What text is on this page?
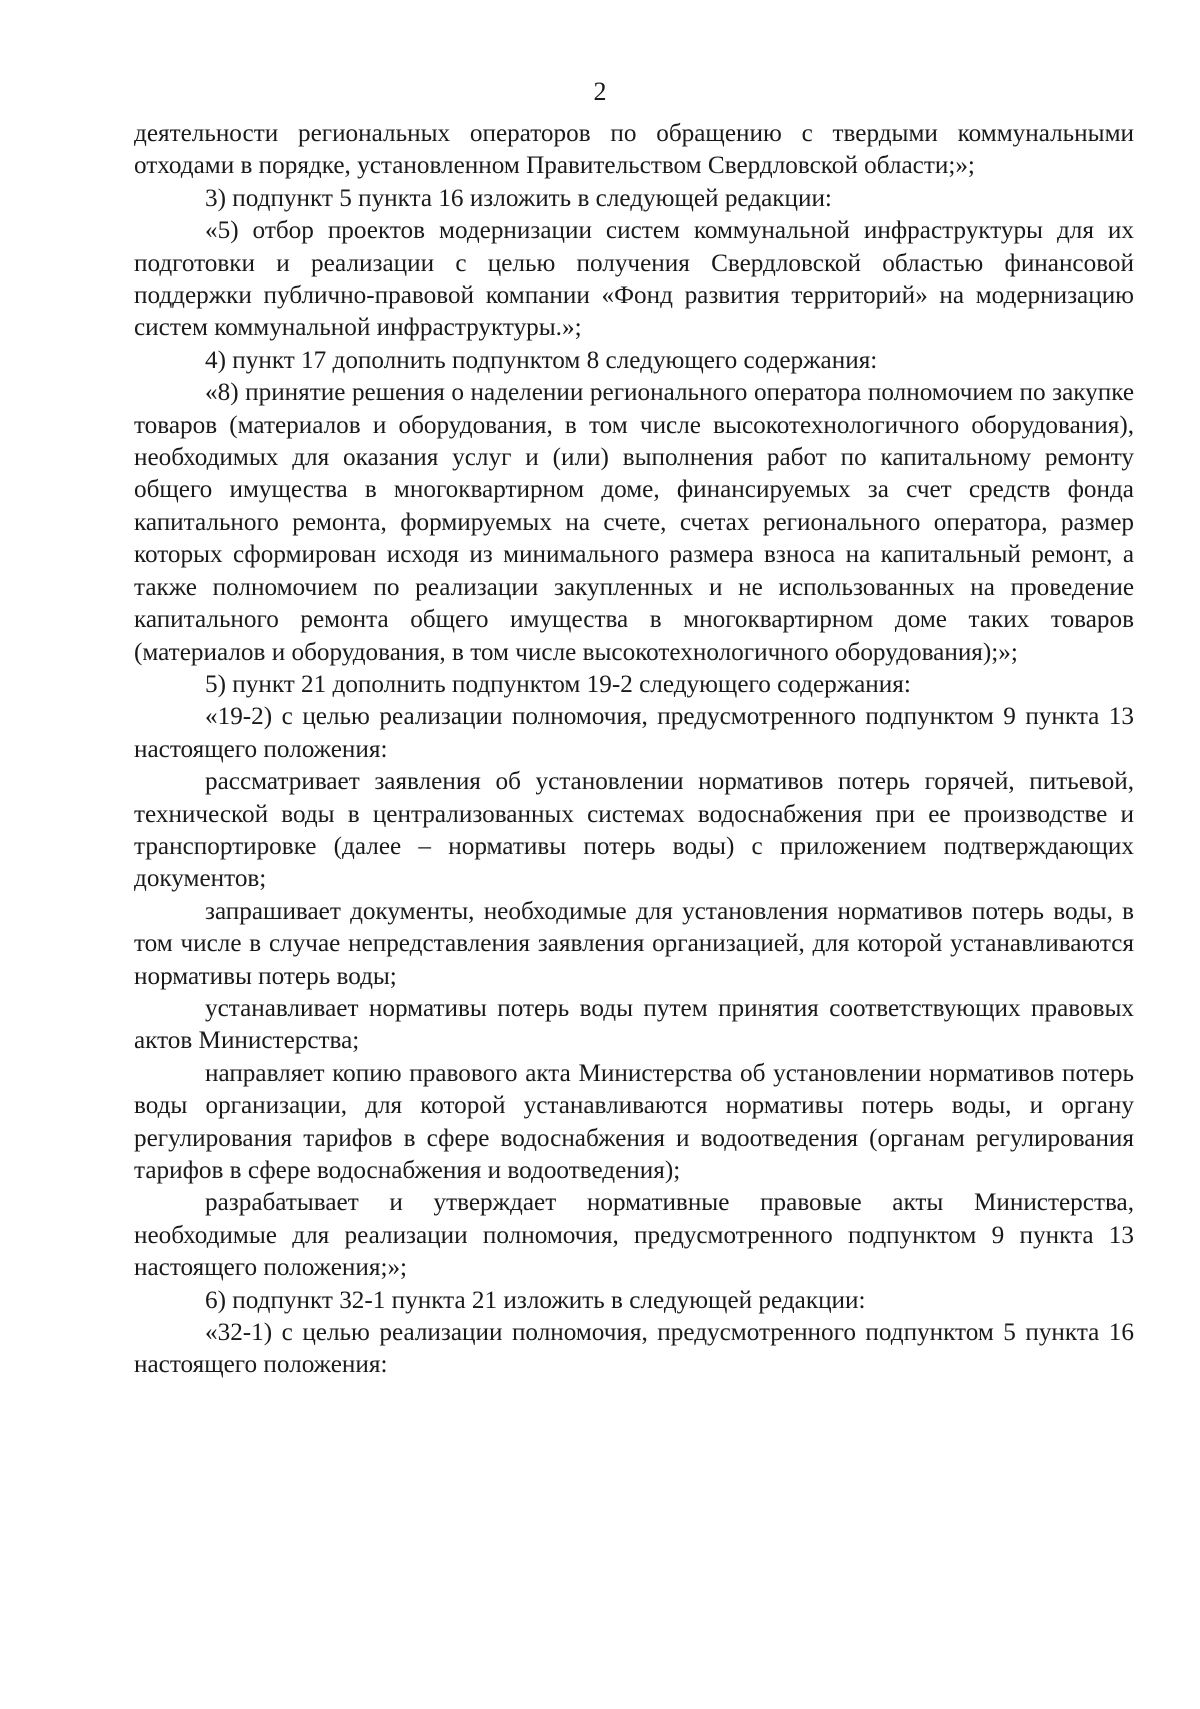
2

деятельности региональных операторов по обращению с твердыми коммунальными отходами в порядке, установленном Правительством Свердловской области;»;

3) подпункт 5 пункта 16 изложить в следующей редакции:

«5) отбор проектов модернизации систем коммунальной инфраструктуры для их подготовки и реализации с целью получения Свердловской областью финансовой поддержки публично-правовой компании «Фонд развития территорий» на модернизацию систем коммунальной инфраструктуры.»;

4) пункт 17 дополнить подпунктом 8 следующего содержания:

«8) принятие решения о наделении регионального оператора полномочием по закупке товаров (материалов и оборудования, в том числе высокотехнологичного оборудования), необходимых для оказания услуг и (или) выполнения работ по капитальному ремонту общего имущества в многоквартирном доме, финансируемых за счет средств фонда капитального ремонта, формируемых на счете, счетах регионального оператора, размер которых сформирован исходя из минимального размера взноса на капитальный ремонт, а также полномочием по реализации закупленных и не использованных на проведение капитального ремонта общего имущества в многоквартирном доме таких товаров (материалов и оборудования, в том числе высокотехнологичного оборудования);»;

5) пункт 21 дополнить подпунктом 19-2 следующего содержания:

«19-2) с целью реализации полномочия, предусмотренного подпунктом 9 пункта 13 настоящего положения:

рассматривает заявления об установлении нормативов потерь горячей, питьевой, технической воды в централизованных системах водоснабжения при ее производстве и транспортировке (далее – нормативы потерь воды) с приложением подтверждающих документов;

запрашивает документы, необходимые для установления нормативов потерь воды, в том числе в случае непредставления заявления организацией, для которой устанавливаются нормативы потерь воды;

устанавливает нормативы потерь воды путем принятия соответствующих правовых актов Министерства;

направляет копию правового акта Министерства об установлении нормативов потерь воды организации, для которой устанавливаются нормативы потерь воды, и органу регулирования тарифов в сфере водоснабжения и водоотведения (органам регулирования тарифов в сфере водоснабжения и водоотведения);

разрабатывает и утверждает нормативные правовые акты Министерства, необходимые для реализации полномочия, предусмотренного подпунктом 9 пункта 13 настоящего положения;»;

6) подпункт 32-1 пункта 21 изложить в следующей редакции:

«32-1) с целью реализации полномочия, предусмотренного подпунктом 5 пункта 16 настоящего положения:
